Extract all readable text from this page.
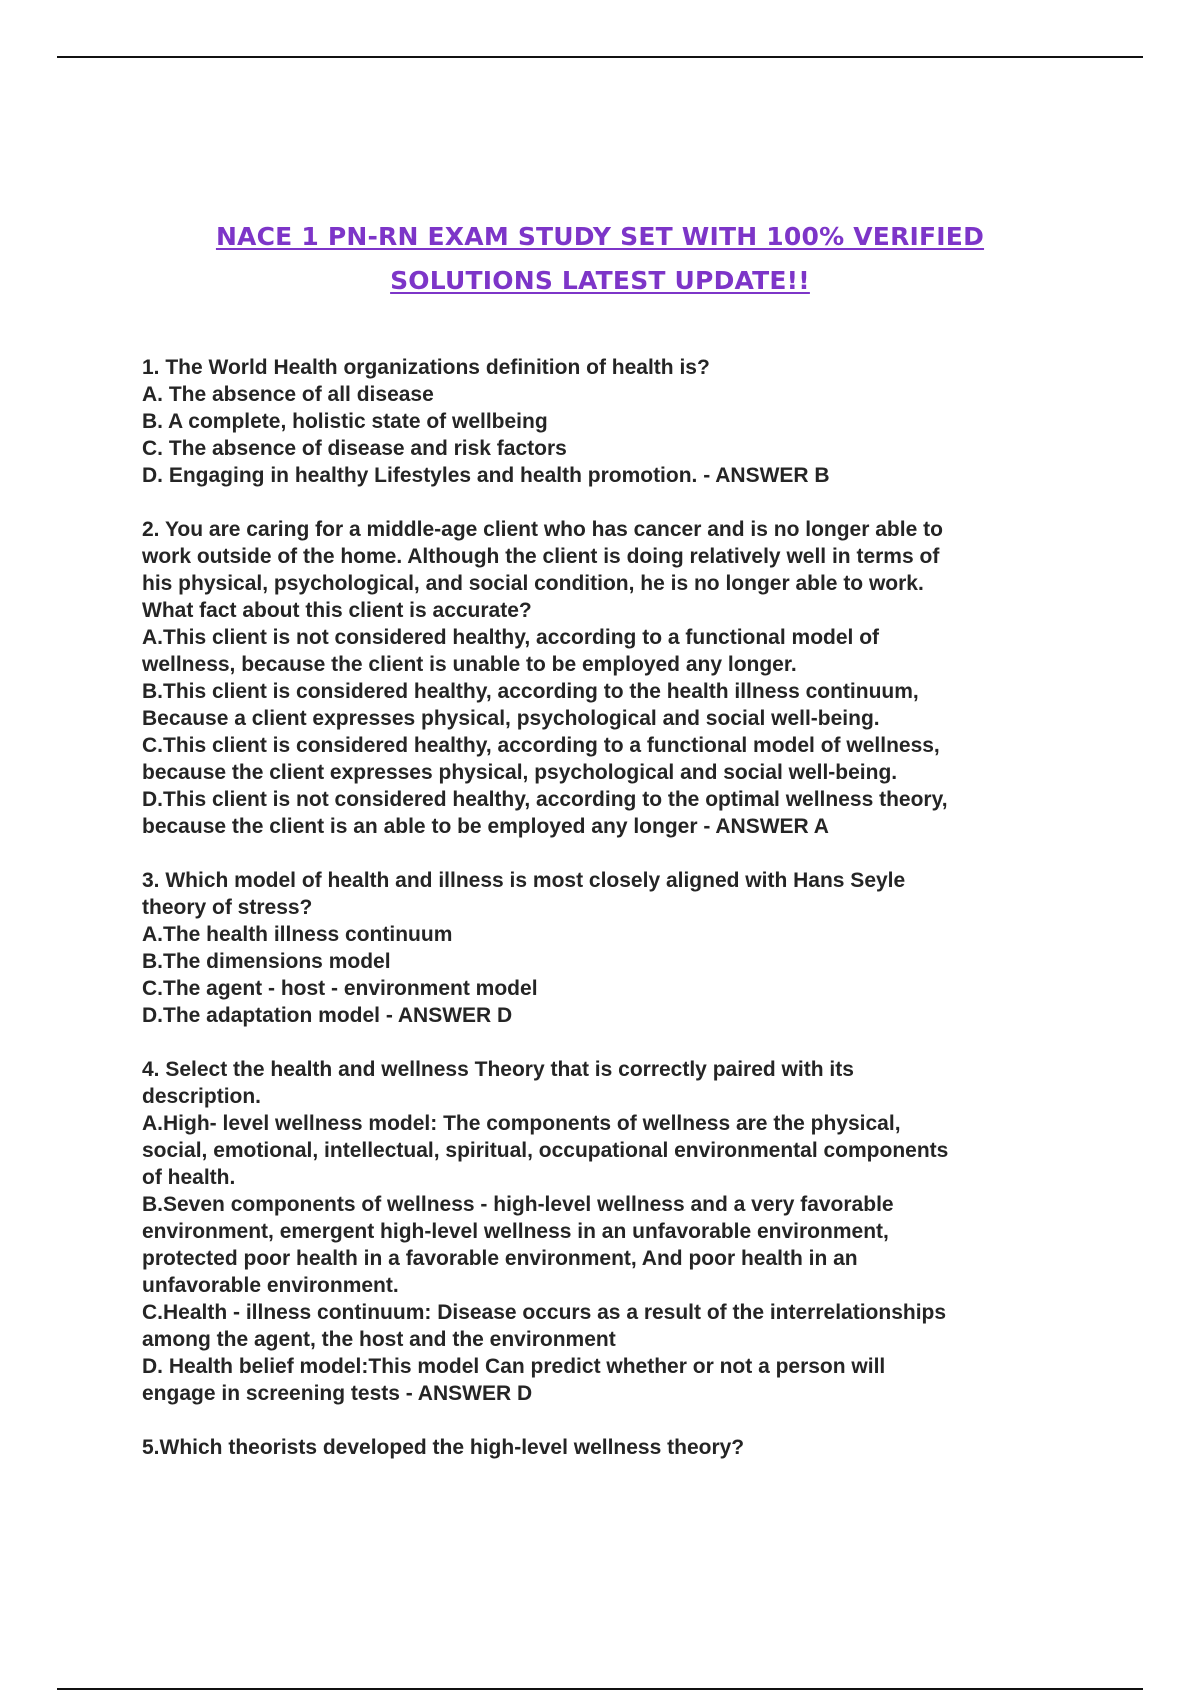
NACE 1 PN-RN EXAM STUDY SET WITH 100% VERIFIED
SOLUTIONS LATEST UPDATE!!

1. The World Health organizations definition of health is?

A. The absence of all disease

B. A complete, holistic state of wellbeing

C. The absence of disease and risk factors

D. Engaging in healthy Lifestyles and health promotion. - ANSWER B

2. You are caring for a middle-age client who has cancer and is no longer able to

work outside of the home. Although the client is doing relatively well in terms of

his physical, psychological, and social condition, he is no longer able to work.

What fact about this client is accurate?

A.This client is not considered healthy, according to a functional model of

wellness, because the client is unable to be employed any longer.

B.This client is considered healthy, according to the health illness continuum,

Because a client expresses physical, psychological and social well-being.

C.This client is considered healthy, according to a functional model of wellness,

because the client expresses physical, psychological and social well-being.

D.This client is not considered healthy, according to the optimal wellness theory,

because the client is an able to be employed any longer - ANSWER A

3. Which model of health and illness is most closely aligned with Hans Seyle

theory of stress?

A.The health illness continuum

B.The dimensions model

C.The agent - host - environment model

D.The adaptation model - ANSWER D

4. Select the health and wellness Theory that is correctly paired with its

description.

A.High- level wellness model: The components of wellness are the physical,

social, emotional, intellectual, spiritual, occupational environmental components

of health.

B.Seven components of wellness - high-level wellness and a very favorable

environment, emergent high-level wellness in an unfavorable environment,

protected poor health in a favorable environment, And poor health in an

unfavorable environment.

C.Health - illness continuum: Disease occurs as a result of the interrelationships

among the agent, the host and the environment

D. Health belief model:This model Can predict whether or not a person will

engage in screening tests - ANSWER D

5.Which theorists developed the high-level wellness theory?
